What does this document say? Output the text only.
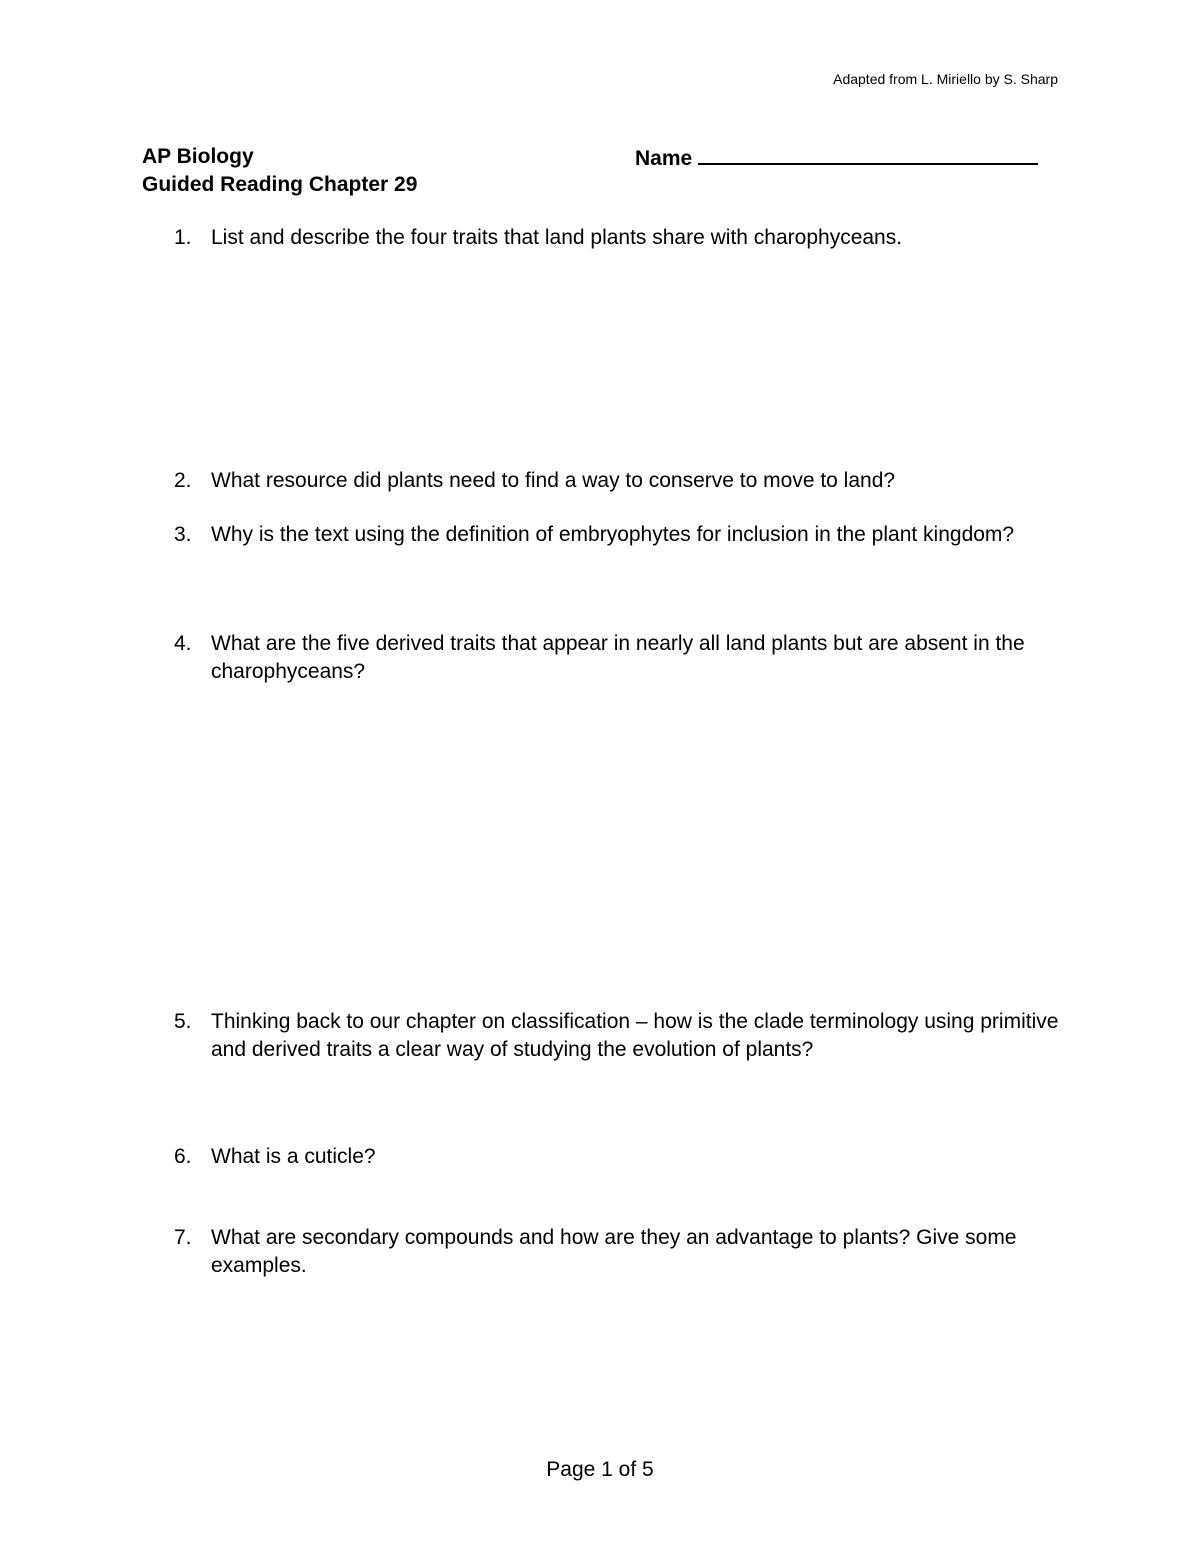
Adapted from L. Miriello by S. Sharp
AP Biology
Guided Reading Chapter 29
Name
1. List and describe the four traits that land plants share with charophyceans.
2. What resource did plants need to find a way to conserve to move to land?
3. Why is the text using the definition of embryophytes for inclusion in the plant kingdom?
4. What are the five derived traits that appear in nearly all land plants but are absent in the charophyceans?
5. Thinking back to our chapter on classification – how is the clade terminology using primitive and derived traits a clear way of studying the evolution of plants?
6. What is a cuticle?
7. What are secondary compounds and how are they an advantage to plants? Give some examples.
Page 1 of 5
